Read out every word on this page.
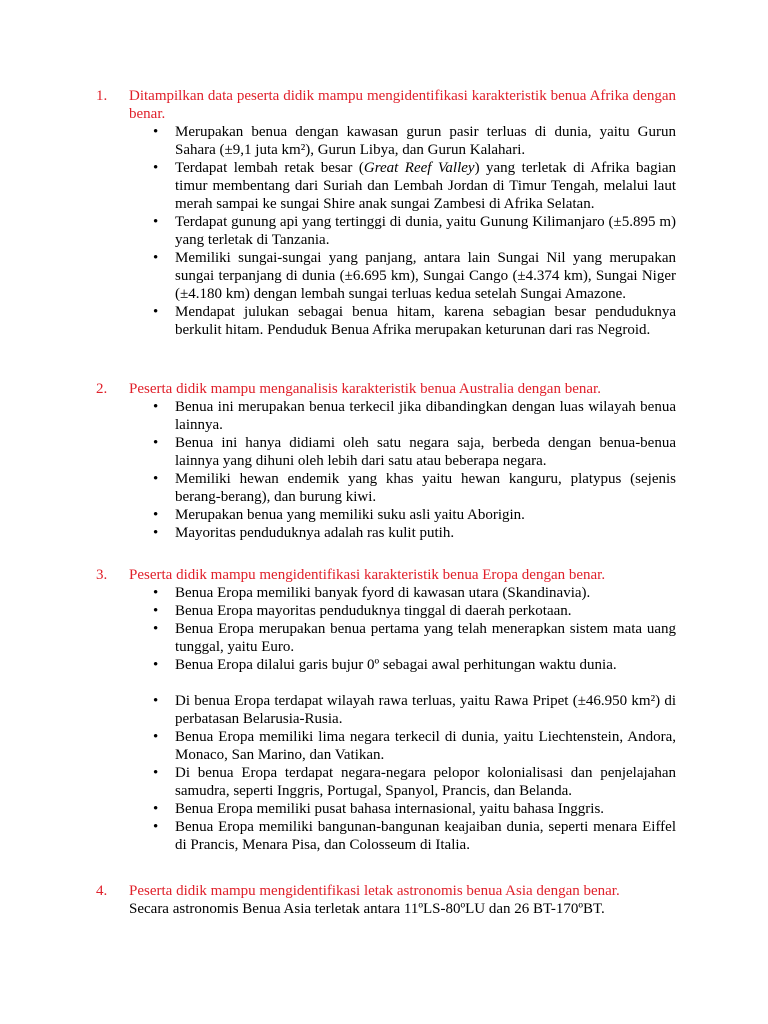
1. Ditampilkan data peserta didik mampu mengidentifikasi karakteristik benua Afrika dengan benar.
• Merupakan benua dengan kawasan gurun pasir terluas di dunia, yaitu Gurun Sahara (±9,1 juta km²), Gurun Libya, dan Gurun Kalahari.
• Terdapat lembah retak besar (Great Reef Valley) yang terletak di Afrika bagian timur membentang dari Suriah dan Lembah Jordan di Timur Tengah, melalui laut merah sampai ke sungai Shire anak sungai Zambesi di Afrika Selatan.
• Terdapat gunung api yang tertinggi di dunia, yaitu Gunung Kilimanjaro (±5.895 m) yang terletak di Tanzania.
• Memiliki sungai-sungai yang panjang, antara lain Sungai Nil yang merupakan sungai terpanjang di dunia (±6.695 km), Sungai Cango (±4.374 km), Sungai Niger (±4.180 km) dengan lembah sungai terluas kedua setelah Sungai Amazone.
• Mendapat julukan sebagai benua hitam, karena sebagian besar penduduknya berkulit hitam. Penduduk Benua Afrika merupakan keturunan dari ras Negroid.
2. Peserta didik mampu menganalisis karakteristik benua Australia dengan benar.
• Benua ini merupakan benua terkecil jika dibandingkan dengan luas wilayah benua lainnya.
• Benua ini hanya didiami oleh satu negara saja, berbeda dengan benua-benua lainnya yang dihuni oleh lebih dari satu atau beberapa negara.
• Memiliki hewan endemik yang khas yaitu hewan kanguru, platypus (sejenis berang-berang), dan burung kiwi.
• Merupakan benua yang memiliki suku asli yaitu Aborigin.
• Mayoritas penduduknya adalah ras kulit putih.
3. Peserta didik mampu mengidentifikasi karakteristik benua Eropa dengan benar.
• Benua Eropa memiliki banyak fyord di kawasan utara (Skandinavia).
• Benua Eropa mayoritas penduduknya tinggal di daerah perkotaan.
• Benua Eropa merupakan benua pertama yang telah menerapkan sistem mata uang tunggal, yaitu Euro.
• Benua Eropa dilalui garis bujur 0º sebagai awal perhitungan waktu dunia.
• Di benua Eropa terdapat wilayah rawa terluas, yaitu Rawa Pripet (±46.950 km²) di perbatasan Belarusia-Rusia.
• Benua Eropa memiliki lima negara terkecil di dunia, yaitu Liechtenstein, Andora, Monaco, San Marino, dan Vatikan.
• Di benua Eropa terdapat negara-negara pelopor kolonialisasi dan penjelajahan samudra, seperti Inggris, Portugal, Spanyol, Prancis, dan Belanda.
• Benua Eropa memiliki pusat bahasa internasional, yaitu bahasa Inggris.
• Benua Eropa memiliki bangunan-bangunan keajaiban dunia, seperti menara Eiffel di Prancis, Menara Pisa, dan Colosseum di Italia.
4. Peserta didik mampu mengidentifikasi letak astronomis benua Asia dengan benar.
Secara astronomis Benua Asia terletak antara 11ºLS-80ºLU dan 26 BT-170ºBT.
